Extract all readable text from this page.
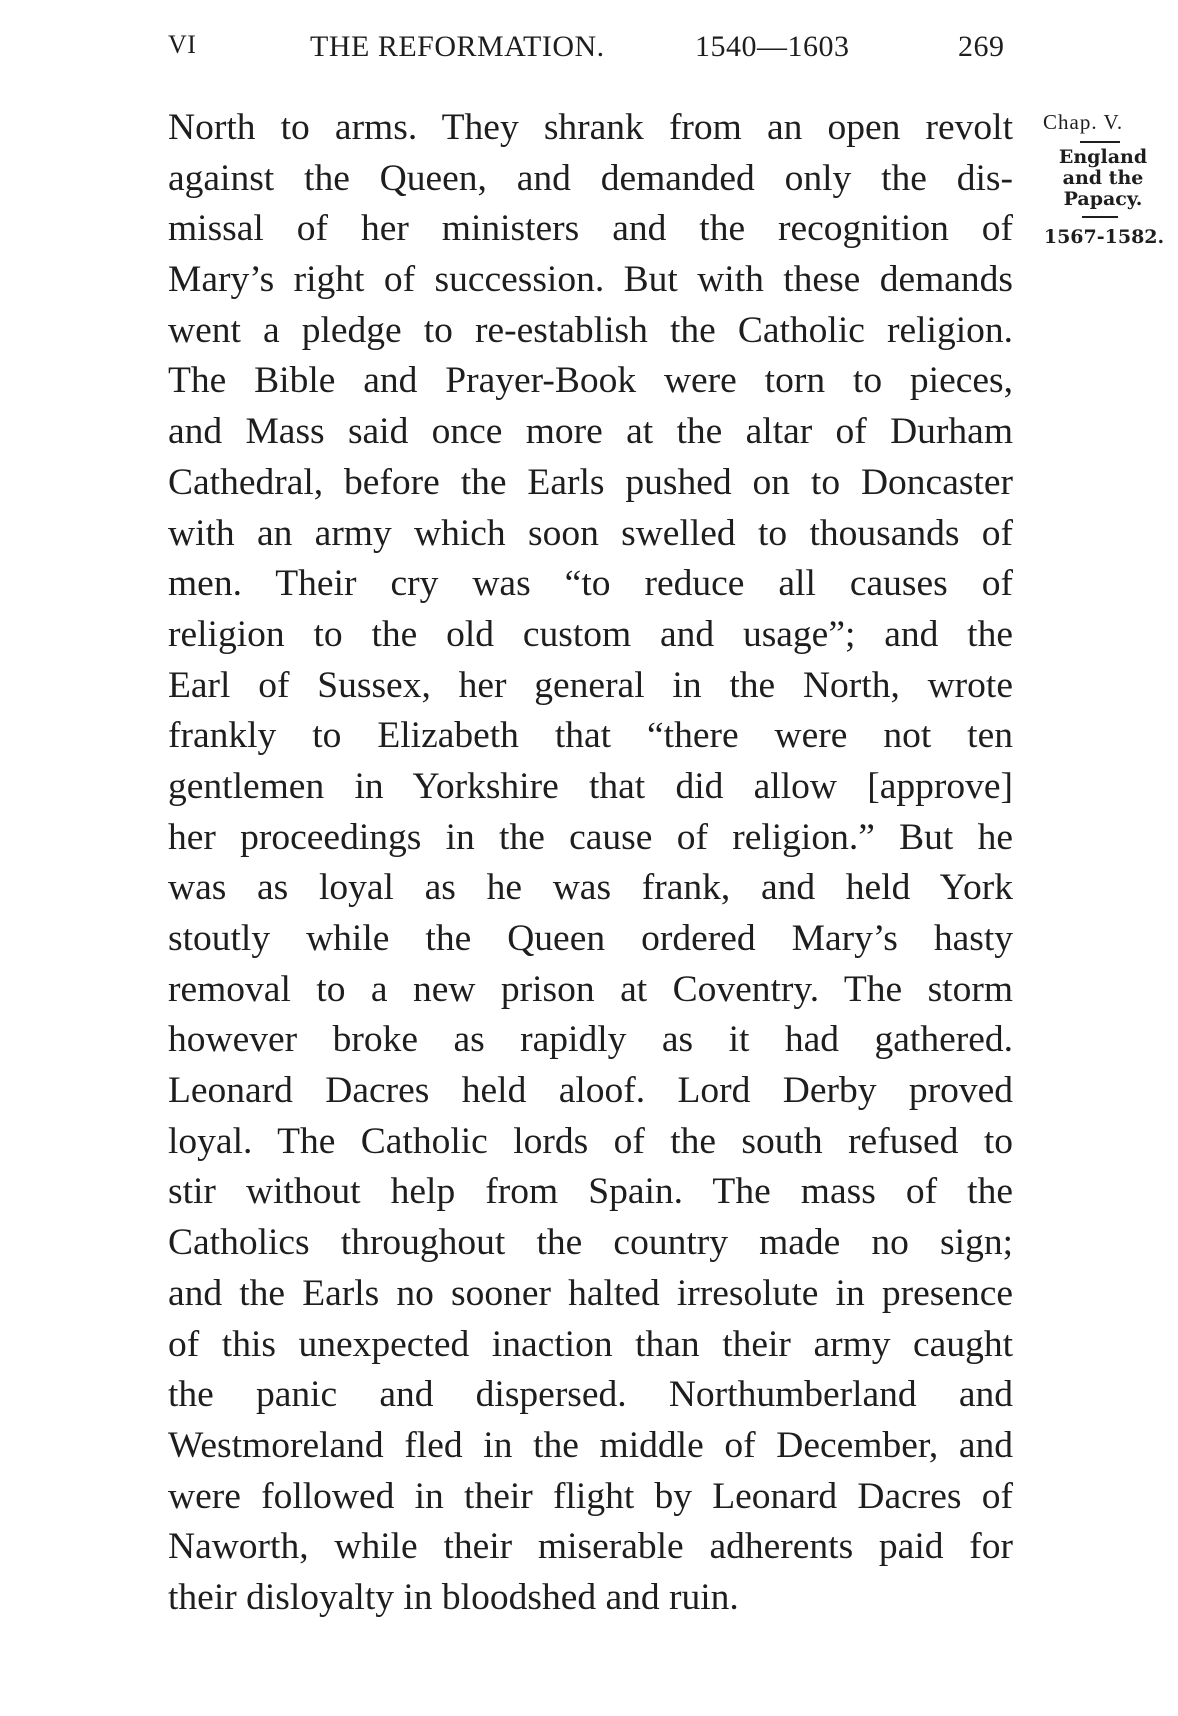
VI	THE REFORMATION.	1540—1603	269
North to arms. They shrank from an open revolt
against the Queen, and demanded only the dis-
missal of her ministers and the recognition of
Mary’s right of succession. But with these demands
went a pledge to re-establish the Catholic religion.
The Bible and Prayer-Book were torn to pieces,
and Mass said once more at the altar of Durham
Cathedral, before the Earls pushed on to Doncaster
with an army which soon swelled to thousands of
men. Their cry was “to reduce all causes of
religion to the old custom and usage”; and the
Earl of Sussex, her general in the North, wrote
frankly to Elizabeth that “there were not ten
gentlemen in Yorkshire that did allow [approve]
her proceedings in the cause of religion.” But he
was as loyal as he was frank, and held York
stoutly while the Queen ordered Mary’s hasty
removal to a new prison at Coventry. The storm
however broke as rapidly as it had gathered.
Leonard Dacres held aloof. Lord Derby proved
loyal. The Catholic lords of the south refused to
stir without help from Spain. The mass of the
Catholics throughout the country made no sign;
and the Earls no sooner halted irresolute in presence
of this unexpected inaction than their army caught
the panic and dispersed. Northumberland and
Westmoreland fled in the middle of December, and
were followed in their flight by Leonard Dacres of
Naworth, while their miserable adherents paid for
their disloyalty in bloodshed and ruin.
Chap. V.
England
and the
Papacy.
1567-1582.
